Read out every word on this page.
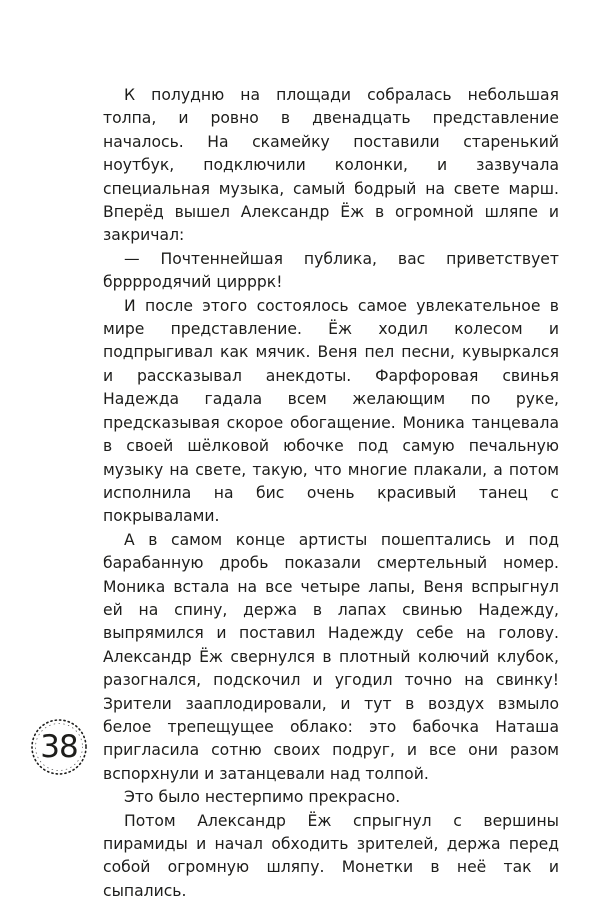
К полудню на площади собралась небольшая толпа, и ровно в двенадцать представление началось. На скамейку поставили старенький ноутбук, подключили колонки, и зазвучала специальная музыка, самый бодрый на свете марш. Вперёд вышел Александр Ёж в огромной шляпе и закричал:

— Почтеннейшая публика, вас приветствует брррродячий цирррк!

И после этого состоялось самое увлекательное в мире представление. Ёж ходил колесом и подпрыгивал как мячик. Веня пел песни, кувыркался и рассказывал анекдоты. Фарфоровая свинья Надежда гадала всем желающим по руке, предсказывая скорое обогащение. Моника танцевала в своей шёлковой юбочке под самую печальную музыку на свете, такую, что многие плакали, а потом исполнила на бис очень красивый танец с покрывалами.

А в самом конце артисты пошептались и под барабанную дробь показали смертельный номер. Моника встала на все четыре лапы, Веня вспрыгнул ей на спину, держа в лапах свинью Надежду, выпрямился и поставил Надежду себе на голову. Александр Ёж свернулся в плотный колючий клубок, разогнался, подскочил и угодил точно на свинку! Зрители зааплодировали, и тут в воздух взмыло белое трепещущее облако: это бабочка Наташа пригласила сотню своих подруг, и все они разом вспорхнули и затанцевали над толпой.

Это было нестерпимо прекрасно.

Потом Александр Ёж спрыгнул с вершины пирамиды и начал обходить зрителей, держа перед собой огромную шляпу. Монетки в неё так и сыпались.

38
